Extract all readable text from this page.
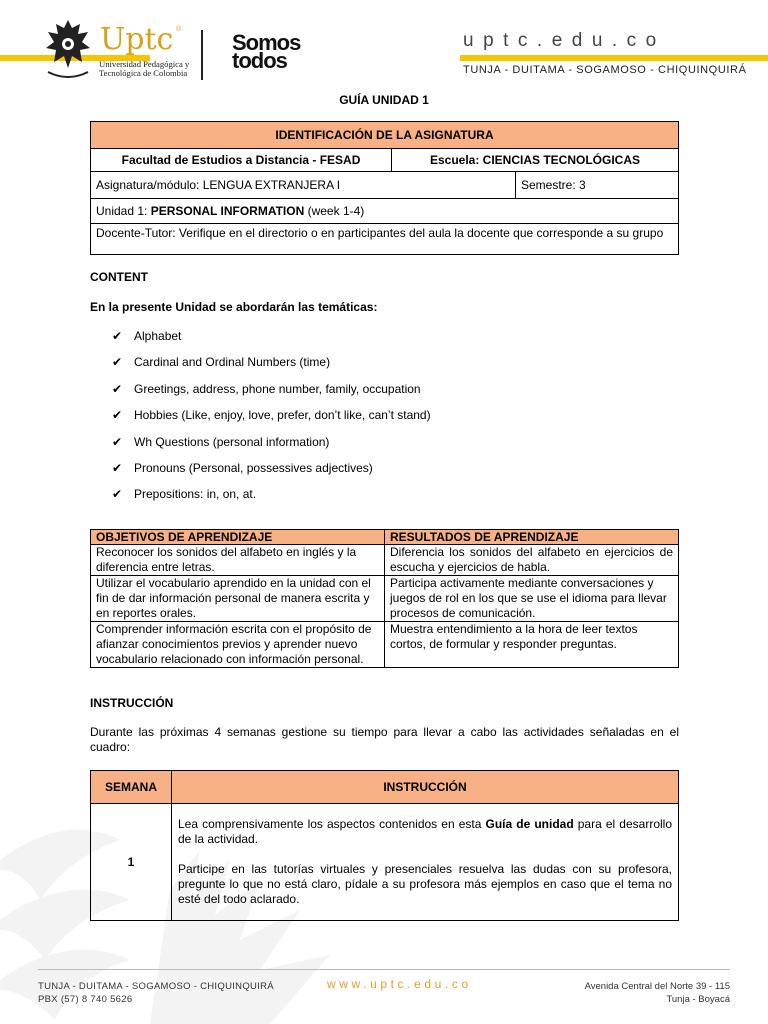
Uptc ®
Universidad Pedagógica y
Tecnológica de Colombia
Somos
todos
uptc.edu.co
TUNJA - DUITAMA - SOGAMOSO - CHIQUINQUIRÁ
GUÍA UNIDAD 1
IDENTIFICACIÓN DE LA ASIGNATURA		
Facultad de Estudios a Distancia - FESAD	Escuela: CIENCIAS TECNOLÓGICAS	
Asignatura/módulo: LENGUA EXTRANJERA I		Semestre: 3
Unidad 1: PERSONAL INFORMATION (week 1-4)		
Docente-Tutor: Verifique en el directorio o en participantes del aula la docente que corresponde a su grupo		
CONTENT
En la presente Unidad se abordarán las temáticas:
✔ Alphabet
✔ Cardinal and Ordinal Numbers (time)
✔ Greetings, address, phone number, family, occupation
✔ Hobbies (Like, enjoy, love, prefer, don’t like, can’t stand)
✔ Wh Questions (personal information)
✔ Pronouns (Personal, possessives adjectives)
✔ Prepositions: in, on, at.
OBJETIVOS DE APRENDIZAJE	RESULTADOS DE APRENDIZAJE
Reconocer los sonidos del alfabeto en inglés y la diferencia entre letras.	Diferencia los sonidos del alfabeto en ejercicios de escucha y ejercicios de habla.
Utilizar el vocabulario aprendido en la unidad con el fin de dar información personal de manera escrita y en reportes orales.	Participa activamente mediante conversaciones y juegos de rol en los que se use el idioma para llevar procesos de comunicación.
Comprender información escrita con el propósito de afianzar conocimientos previos y aprender nuevo vocabulario relacionado con información personal.	Muestra entendimiento a la hora de leer textos cortos, de formular y responder preguntas.
INSTRUCCIÓN
Durante las próximas 4 semanas gestione su tiempo para llevar a cabo las actividades señaladas en el cuadro:
SEMANA	INSTRUCCIÓN
1	Lea comprensivamente los aspectos contenidos en esta Guía de unidad para el desarrollo de la actividad.

Participe en las tutorías virtuales y presenciales resuelva las dudas con su profesora, pregunte lo que no está claro, pídale a su profesora más ejemplos en caso que el tema no esté del todo aclarado.

TUNJA - DUITAMA - SOGAMOSO - CHIQUINQUIRÁ
PBX (57) 8 740 5626
www.uptc.edu.co	Avenida Central del Norte 39 - 115
Tunja - Boyacá
